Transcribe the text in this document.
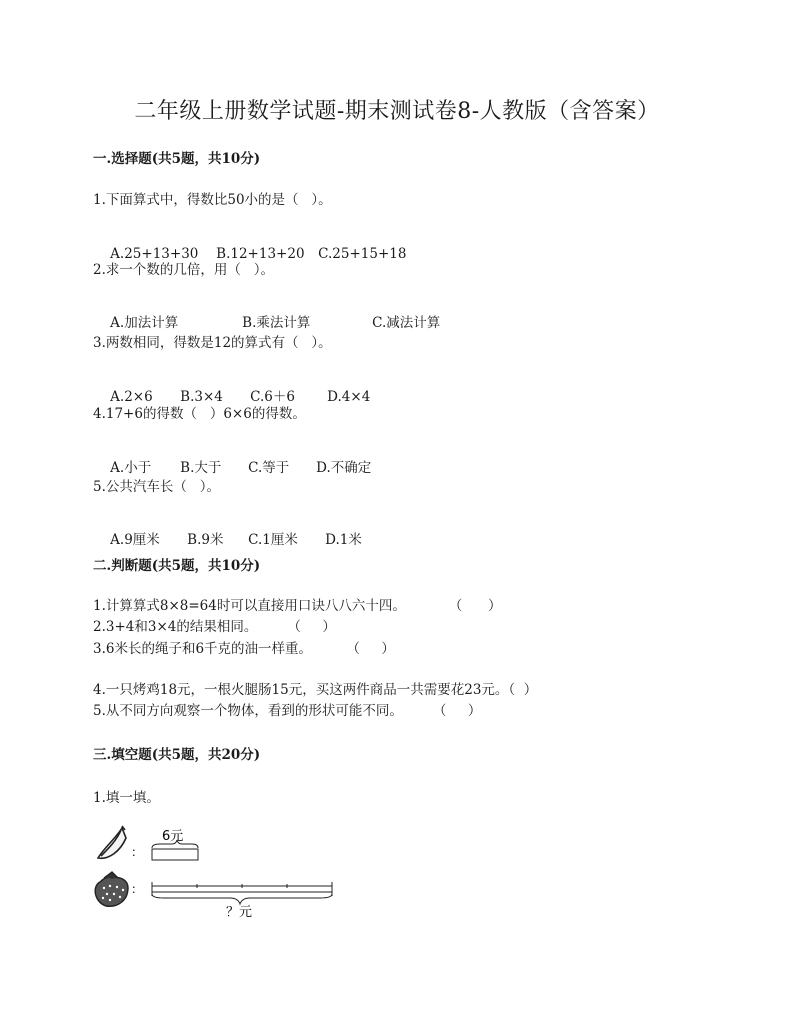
二年级上册数学试题-期末测试卷8-人教版（含答案）
一.选择题(共5题，共10分)
1.下面算式中，得数比50小的是（   ）。

A.25+13+30 B.12+13+20 C.25+15+18

2.求一个数的几倍，用（   ）。

A.加法计算	B.乘法计算	C.减法计算

3.两数相同，得数是12的算式有（   ）。

A.2×6 B.3×4 C.6＋6 D.4×4

4.17+6的得数（   ）6×6的得数。

A.小于 B.大于 C.等于 D.不确定

5.公共汽车长（   ）。

A.9厘米 B.9米 C.1厘米 D.1米

二.判断题(共5题，共10分)
1.计算算式8×8=64时可以直接用口诀八八六十四。          （      ）
2.3+4和3×4的结果相同。       （     ）
3.6米长的绳子和6千克的油一样重。        （     ）
4.一只烤鸡18元，一根火腿肠15元，买这两件商品一共需要花23元。（  ）
5.从不同方向观察一个物体，看到的形状可能不同。       （     ）
三.填空题(共5题，共20分)
1.填一填。
：
6元
：
？元
